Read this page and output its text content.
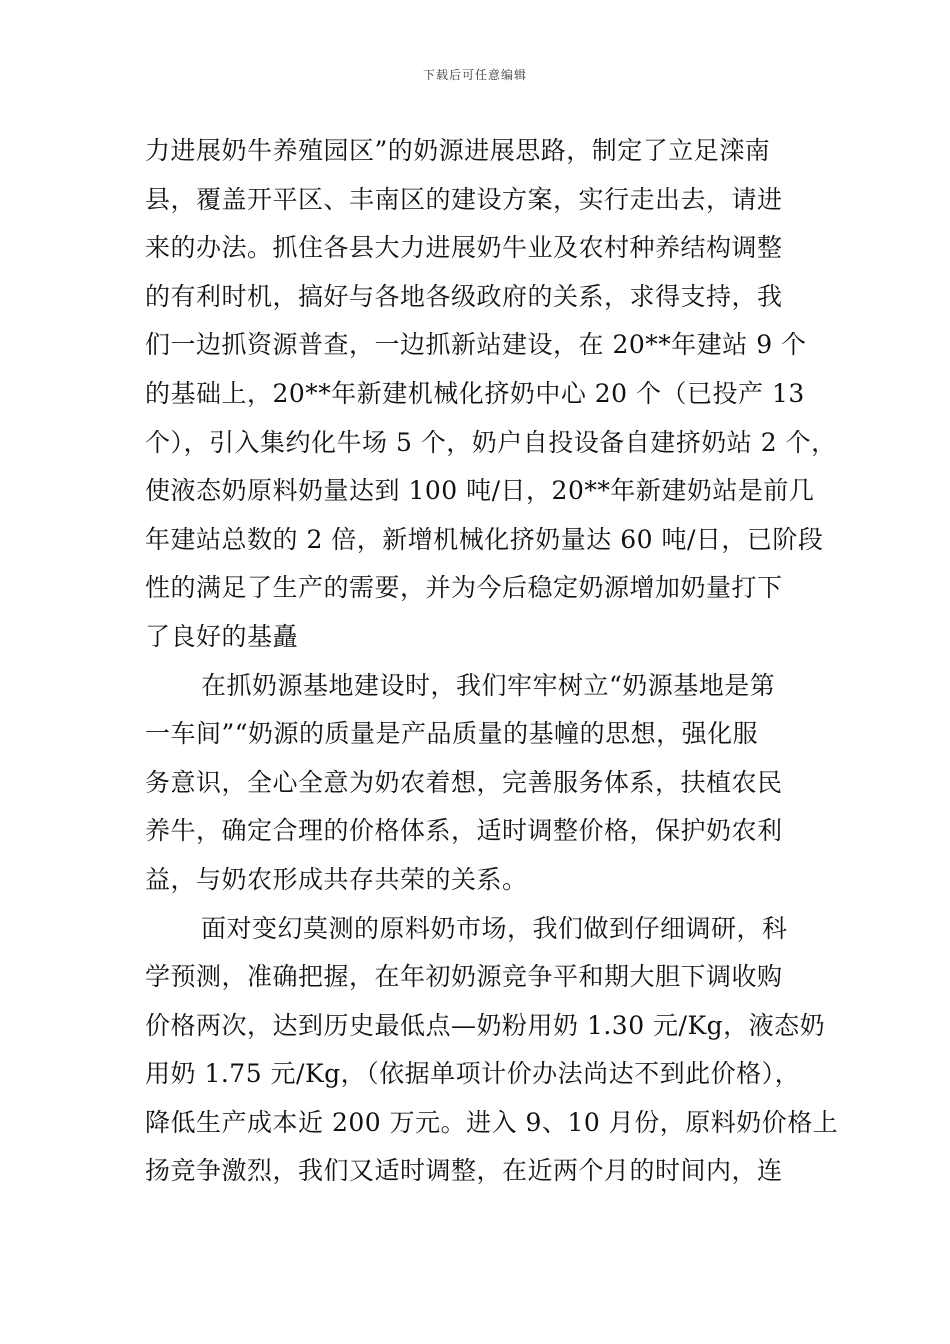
下载后可任意编辑
力进展奶牛养殖园区”的奶源进展思路，制定了立足滦南
县，覆盖开平区、丰南区的建设方案，实行走出去，请进
来的办法。抓住各县大力进展奶牛业及农村种养结构调整
的有利时机，搞好与各地各级政府的关系，求得支持，我
们一边抓资源普查，一边抓新站建设，在 20**年建站 9 个
的基础上，20**年新建机械化挤奶中心 20 个（已投产 13
个），引入集约化牛场 5 个，奶户自投设备自建挤奶站 2 个，
使液态奶原料奶量达到 100 吨/日，20**年新建奶站是前几
年建站总数的 2 倍，新增机械化挤奶量达 60 吨/日，已阶段
性的满足了生产的需要，并为今后稳定奶源增加奶量打下
了良好的基矗
在抓奶源基地建设时，我们牢牢树立“奶源基地是第
一车间”“奶源的质量是产品质量的基幢的思想，强化服
务意识，全心全意为奶农着想，完善服务体系，扶植农民
养牛，确定合理的价格体系，适时调整价格，保护奶农利
益，与奶农形成共存共荣的关系。
面对变幻莫测的原料奶市场，我们做到仔细调研，科
学预测，准确把握，在年初奶源竞争平和期大胆下调收购
价格两次，达到历史最低点—奶粉用奶 1.30 元/Kg，液态奶
用奶 1.75 元/Kg，（依据单项计价办法尚达不到此价格），
降低生产成本近 200 万元。进入 9、10 月份，原料奶价格上
扬竞争激烈，我们又适时调整，在近两个月的时间内，连
